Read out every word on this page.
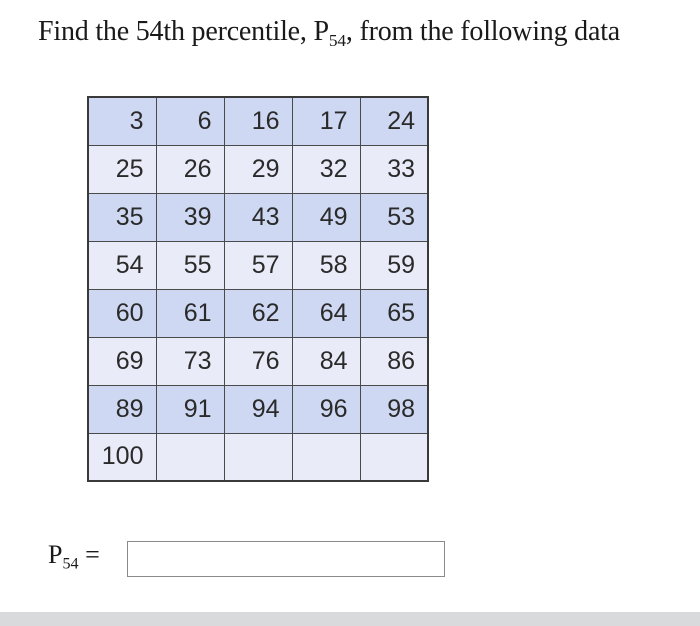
Find the 54th percentile, $P_{54}$, from the following data
3	6	16	17	24
25	26	29	32	33
35	39	43	49	53
54	55	57	58	59
60	61	62	64	65
69	73	76	84	86
89	91	94	96	98
100				
$P_{54}$ =
